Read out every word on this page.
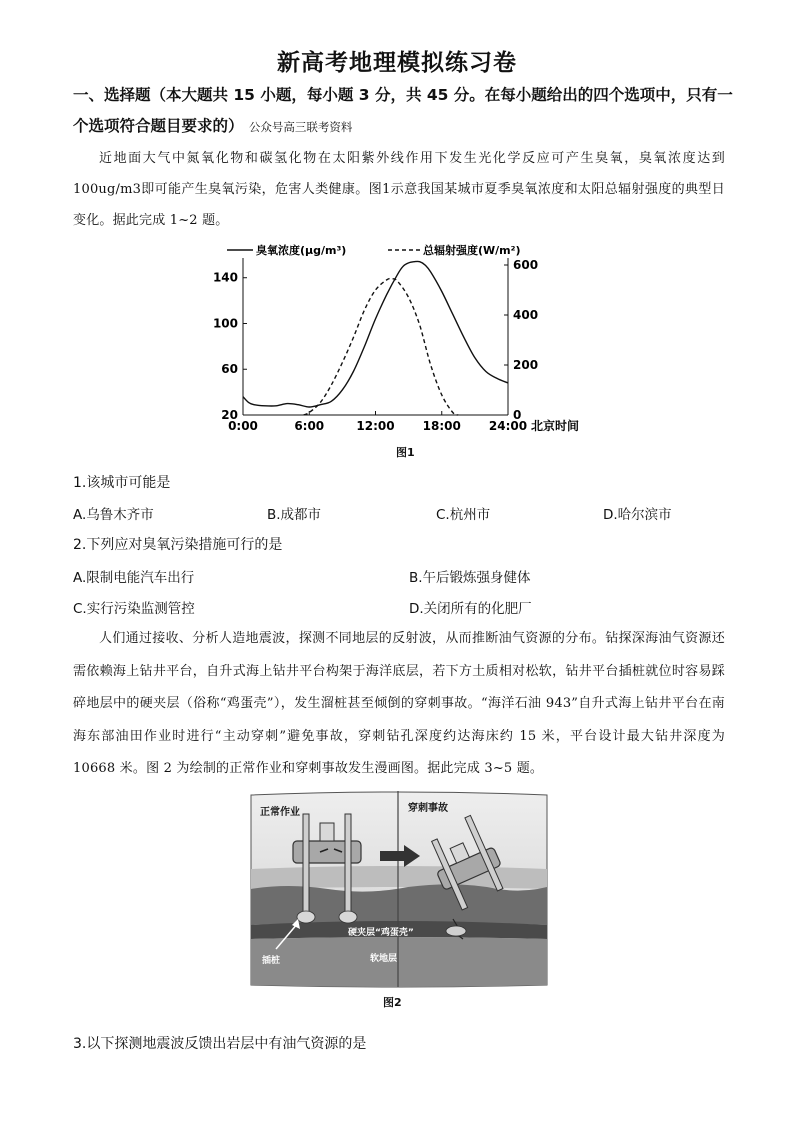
新高考地理模拟练习卷
一、选择题（本大题共 15 小题，每小题 3 分，共 45 分。在每小题给出的四个选项中，只有一个选项符合题目要求的） 公众号高三联考资料
近地面大气中氮氧化物和碳氢化物在太阳紫外线作用下发生光化学反应可产生臭氧，臭氧浓度达到100ug/m3即可能产生臭氧污染，危害人类健康。图1示意我国某城市夏季臭氧浓度和太阳总辐射强度的典型日变化。据此完成 1~2 题。
臭氧浓度(μg/m³)	总辐射强度(W/m²)
0:00	6:00	12:00 18:00 24:00 北京时间
20
60
100
140
0
200
400
600
图1
1.该城市可能是
A.乌鲁木齐市	B.成都市	C.杭州市	D.哈尔滨市
2.下列应对臭氧污染措施可行的是
A.限制电能汽车出行	B.午后锻炼强身健体
C.实行污染监测管控	D.关闭所有的化肥厂
人们通过接收、分析人造地震波，探测不同地层的反射波，从而推断油气资源的分布。钻探深海油气资源还需依赖海上钻井平台，自升式海上钻井平台构架于海洋底层，若下方土质相对松软，钻井平台插桩就位时容易踩碎地层中的硬夹层（俗称“鸡蛋壳”），发生溜桩甚至倾倒的穿刺事故。“海洋石油 943”自升式海上钻井平台在南海东部油田作业时进行“主动穿刺”避免事故，穿刺钻孔深度约达海床约 15 米，平台设计最大钻井深度为 10668 米。图 2 为绘制的正常作业和穿刺事故发生漫画图。据此完成 3~5 题。
正常作业	穿刺事故
硬夹层“鸡蛋壳”
软地层
插桩
图2
3.以下探测地震波反馈出岩层中有油气资源的是
